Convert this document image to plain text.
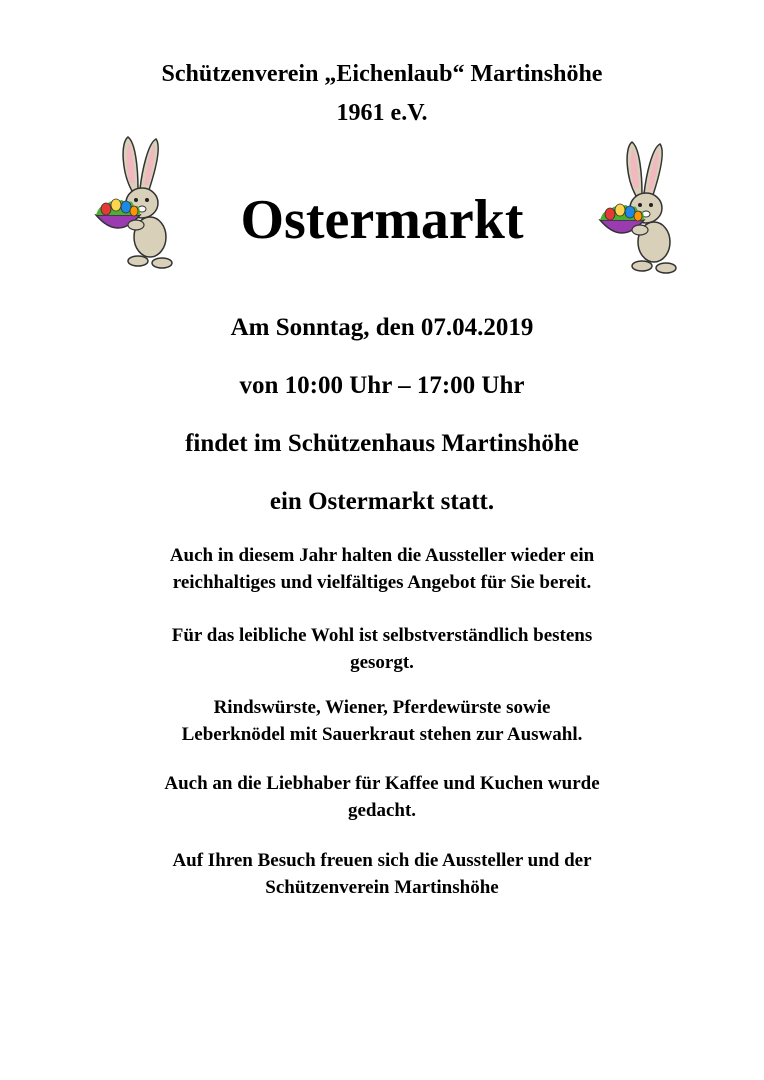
Schützenverein „Eichenlaub“ Martinshöhe
1961 e.V.
Ostermarkt
Am Sonntag, den 07.04.2019
von 10:00 Uhr – 17:00 Uhr
findet im Schützenhaus Martinshöhe
ein Ostermarkt statt.
Auch in diesem Jahr halten die Aussteller wieder ein
reichhaltiges und vielfältiges Angebot für Sie bereit.
Für das leibliche Wohl ist selbstverständlich bestens
gesorgt.
Rindswürste, Wiener, Pferdewürste sowie
Leberknödel mit Sauerkraut stehen zur Auswahl.
Auch an die Liebhaber für Kaffee und Kuchen wurde
gedacht.
Auf Ihren Besuch freuen sich die Aussteller und der
Schützenverein Martinshöhe
